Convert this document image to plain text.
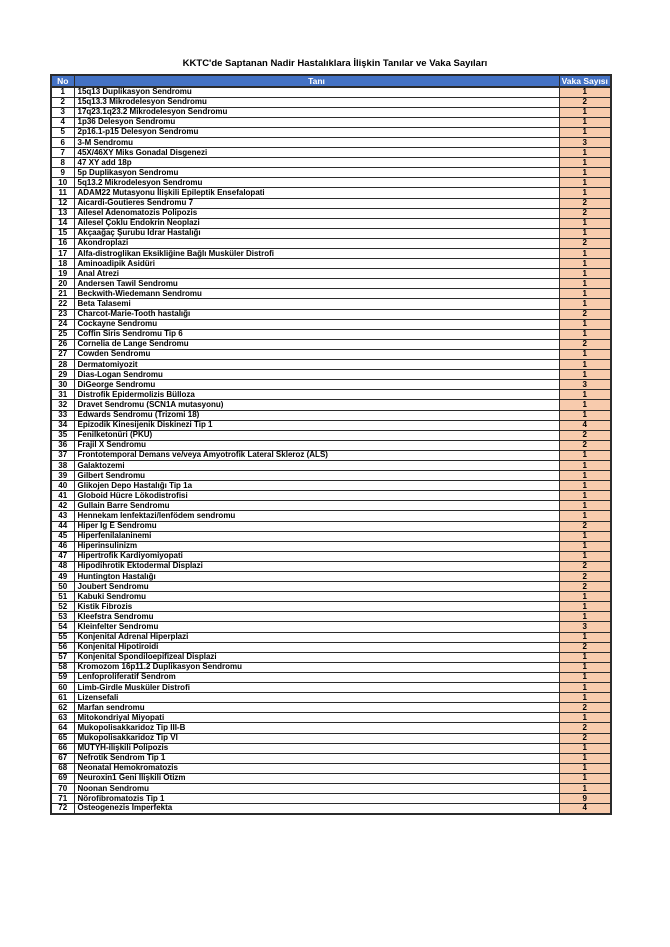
KKTC'de Saptanan Nadir Hastalıklara İlişkin Tanılar ve Vaka Sayıları
No	Tanı	Vaka Sayısı
1	15q13 Duplikasyon Sendromu	1
2	15q13.3 Mikrodelesyon Sendromu	2
3	17q23.1q23.2 Mikrodelesyon Sendromu	1
4	1p36 Delesyon Sendromu	1
5	2p16.1-p15 Delesyon Sendromu	1
6	3-M Sendromu	3
7	45X/46XY Miks Gonadal Disgenezi	1
8	47 XY add 18p	1
9	5p Duplikasyon Sendromu	1
10	5q13.2 Mikrodelesyon Sendromu	1
11	ADAM22 Mutasyonu İlişkili Epileptik Ensefalopati	1
12	Aicardi-Goutieres Sendromu 7	2
13	Ailesel Adenomatozis Polipozis	2
14	Ailesel Çoklu Endokrin Neoplazi	1
15	Akçaağaç Şurubu İdrar Hastalığı	1
16	Akondroplazi	2
17	Alfa-distroglikan Eksikliğine Bağlı Musküler Distrofi	1
18	Aminoadipik Asidüri	1
19	Anal Atrezi	1
20	Andersen Tawil Sendromu	1
21	Beckwith-Wiedemann Sendromu	1
22	Beta Talasemi	1
23	Charcot-Marie-Tooth hastalığı	2
24	Cockayne Sendromu	1
25	Coffin Siris Sendromu Tip 6	1
26	Cornelia de Lange Sendromu	2
27	Cowden Sendromu	1
28	Dermatomiyozit	1
29	Dias-Logan Sendromu	1
30	DiGeorge Sendromu	3
31	Distrofik Epidermolizis Bülloza	1
32	Dravet Sendromu (SCN1A mutasyonu)	1
33	Edwards Sendromu (Trizomi 18)	1
34	Epizodik Kinesijenik Diskinezi Tip 1	4
35	Fenilketonüri (PKU)	2
36	Frajil X Sendromu	2
37	Frontotemporal Demans ve/veya Amyotrofik Lateral Skleroz (ALS)	1
38	Galaktozemi	1
39	Gilbert Sendromu	1
40	Glikojen Depo Hastalığı Tip 1a	1
41	Globoid Hücre Lökodistrofisi	1
42	Gullain Barre Sendromu	1
43	Hennekam lenfektazi/lenfödem sendromu	1
44	Hiper Ig E Sendromu	2
45	Hiperfenilalaninemi	1
46	Hiperinsulinizm	1
47	Hipertrofik Kardiyomiyopati	1
48	Hipodihrotik Ektodermal Displazi	2
49	Huntington Hastalığı	2
50	Joubert Sendromu	2
51	Kabuki Sendromu	1
52	Kistik Fibrozis	1
53	Kleefstra Sendromu	1
54	Kleinfelter Sendromu	3
55	Konjenital Adrenal Hiperplazi	1
56	Konjenital Hipotiroidi	2
57	Konjenital Spondiloepifizeal Displazi	1
58	Kromozom 16p11.2 Duplikasyon Sendromu	1
59	Lenfoproliferatif Sendrom	1
60	Limb-Girdle Musküler Distrofi	1
61	Lizensefali	1
62	Marfan sendromu	2
63	Mitokondriyal Miyopati	1
64	Mukopolisakkaridoz Tip III-B	2
65	Mukopolisakkaridoz Tip VI	2
66	MUTYH-ilişkili Polipozis	1
67	Nefrotik Sendrom Tip 1	1
68	Neonatal Hemokromatozis	1
69	Neuroxin1 Geni İlişkili Otizm	1
70	Noonan Sendromu	1
71	Nörofibromatozis Tip 1	9
72	Osteogenezis İmperfekta	4
